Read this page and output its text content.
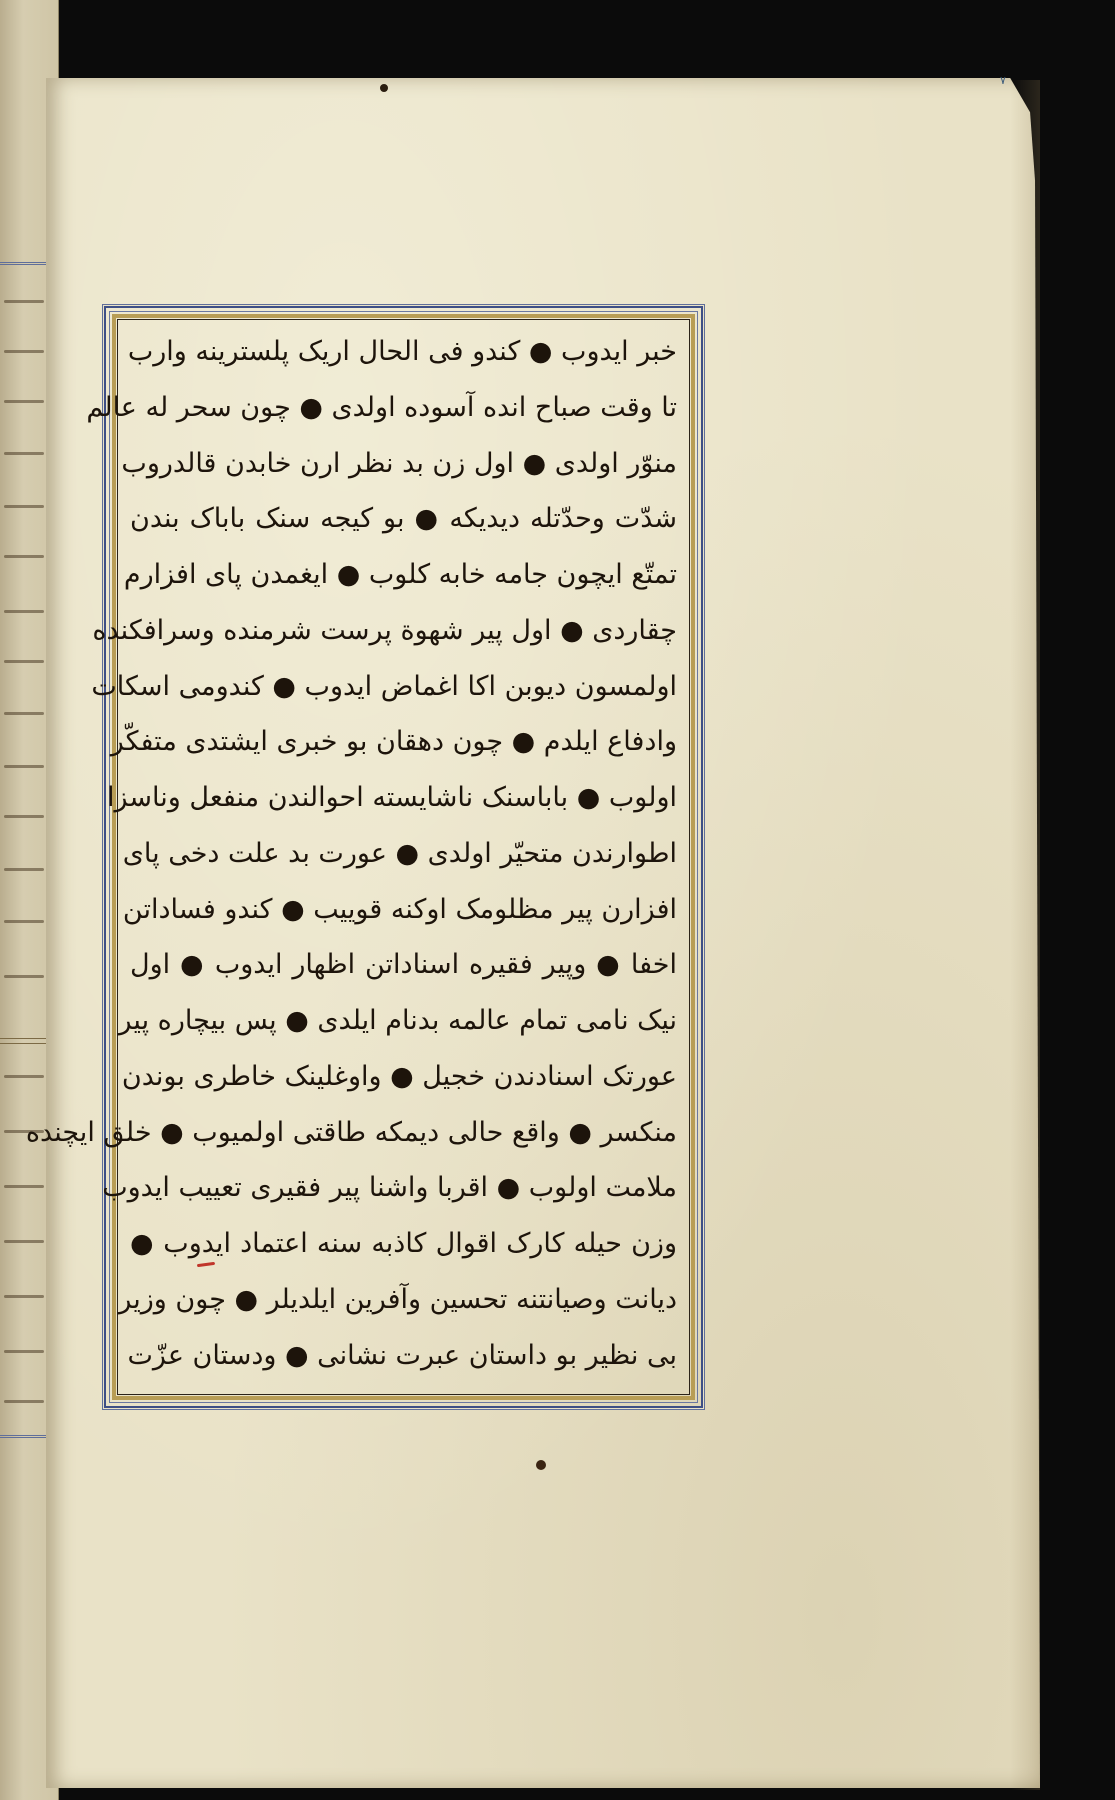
٧
خبر ایدوب ● کندو فی الحال اریک پلسترینه وارب
تا وقت صباح انده آسوده اولدی ● چون سحر له عالم
منوّر اولدی ● اول زن بد نظر ارن خابدن قالدروب
شدّت وحدّتله دیدیکه ● بو کیجه سنک باباک بندن
تمتّع ایچون جامه خابه کلوب ● ایغمدن پای افزارم
چقاردی ● اول پیر شهوة پرست شرمنده وسرافکنده
اولمسون دیوبن اکا اغماض ایدوب ● کندومی اسکات
وادفاع ایلدم ● چون دهقان بو خبری ایشتدی متفکّر
اولوب ● باباسنک ناشایسته احوالندن منفعل وناسزا
اطوارندن متحیّر اولدی ● عورت بد علت دخی پای
افزارن پیر مظلومک اوکنه قوییب ● کندو فساداتن
اخفا ● وپیر فقیره اسناداتن اظهار ایدوب ● اول
نیک نامی تمام عالمه بدنام ایلدی ● پس بیچاره پیر
عورتک اسنادندن خجیل ● واوغلینک خاطری بوندن
منکسر ● واقع حالی دیمکه طاقتی اولمیوب ● خلق ایچنده
ملامت اولوب ● اقربا واشنا پیر فقیری تعییب ایدوب
وزن حیله کارک اقوال کاذبه سنه اعتماد ایدوب ●
دیانت وصیانتنه تحسین وآفرین ایلدیلر ● چون وزیر
بی نظیر بو داستان عبرت نشانی ● ودستان عزّت
